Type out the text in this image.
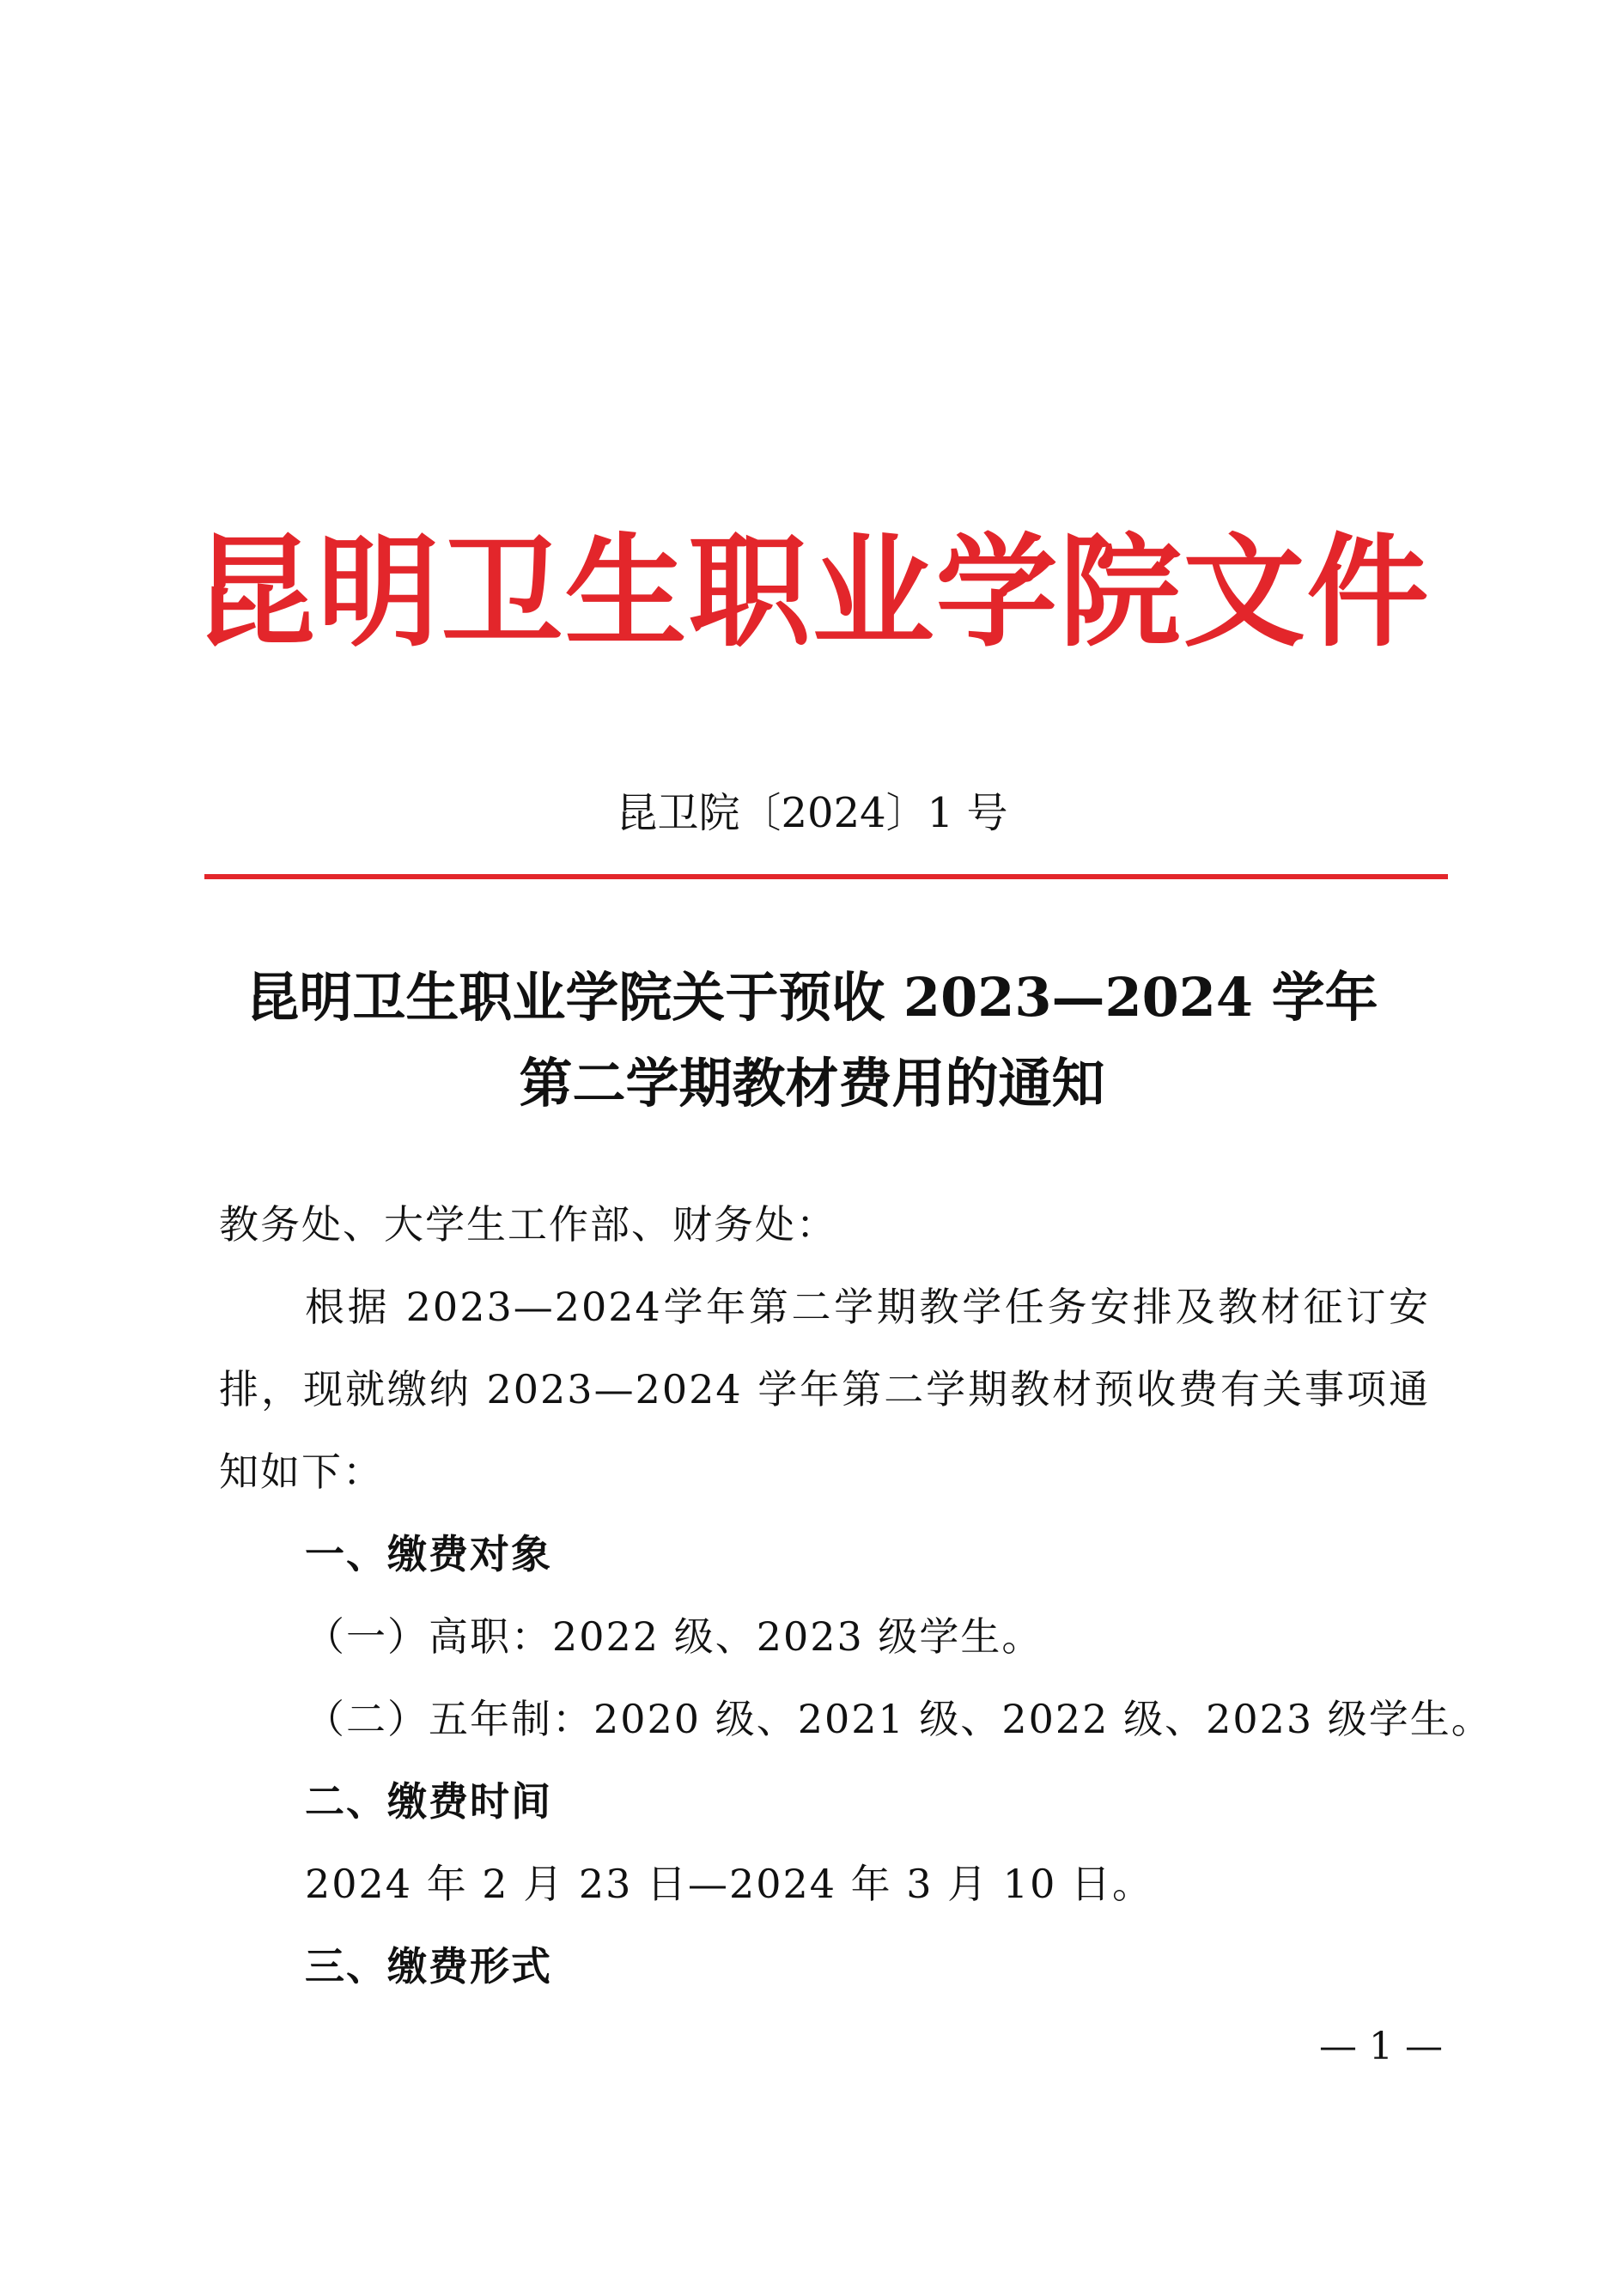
昆明卫生职业学院文件
昆卫院〔2024〕1 号
昆明卫生职业学院关于预收 2023—2024 学年
第二学期教材费用的通知

教务处、大学生工作部、财务处：

根据 2023—2024学年第二学期教学任务安排及教材征订安排，现就缴纳 2023—2024 学年第二学期教材预收费有关事项通知如下：

一、缴费对象

（一）高职：2022 级、2023 级学生。

（二）五年制：2020 级、2021 级、2022 级、2023 级学生。

二、缴费时间

2024 年 2 月 23 日—2024 年 3 月 10 日。

三、缴费形式

— 1 —
